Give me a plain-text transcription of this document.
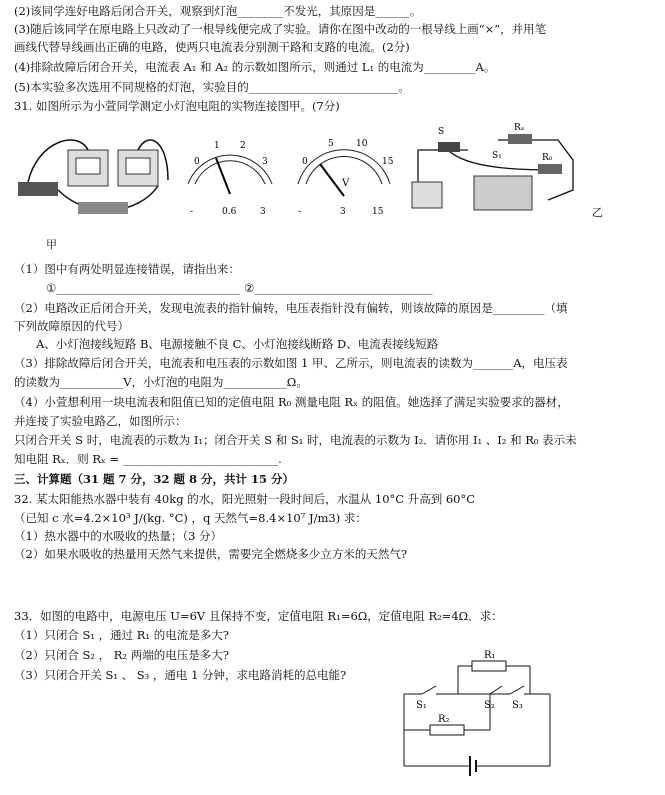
(2)该同学连好电路后闭合开关，观察到灯泡________不发光，其原因是______。
(3)随后该同学在原电路上只改动了一根导线便完成了实验。请你在图中改动的一根导线上画“×”，并用笔
画线代替导线画出正确的电路，使两只电流表分别测干路和支路的电流。(2分)
(4)排除故障后闭合开关，电流表 A₁ 和 A₂ 的示数如图所示，则通过 L₁ 的电流为_________A。
(5)本实验多次选用不同规格的灯泡，实验目的__________________________。
31. 如图所示为小萱同学测定小灯泡电阻的实物连接图甲。(7分)
甲
0
1 2
3
-	0.6	3
0
5 10
15
V
-	3	15
S	Rₓ
S₁	R₀
乙
（1）图中有两处明显连接错误，请指出来：
①________________________________ ②_______________________________
（2）电路改正后闭合开关，发现电流表的指针偏转，电压表指针没有偏转，则该故障的原因是_________（填
下列故障原因的代号）
A、小灯泡接线短路 B、电源接触不良 C、小灯泡接线断路 D、电流表接线短路
（3）排除故障后闭合开关，电流表和电压表的示数如图 1 甲、乙所示，则电流表的读数为_______A，电压表
的读数为___________V，小灯泡的电阻为___________Ω。
（4）小萱想利用一块电流表和阻值已知的定值电阻 R₀ 测量电阻 Rₓ 的阻值。她选择了满足实验要求的器材，
并连接了实验电路乙，如图所示：
只闭合开关 S 时，电流表的示数为 I₁；闭合开关 S 和 S₁ 时，电流表的示数为 I₂．请你用 I₁ 、I₂ 和 R₀ 表示未
知电阻 Rₓ．则 Rₓ = ___________________________.
三、计算题（31 题 7 分，32 题 8 分，共计 15 分）
32. 某太阳能热水器中装有 40kg 的水，阳光照射一段时间后，水温从 10°C 升高到 60°C
（已知 c 水=4.2×10³ J/(kg. °C) ，q 天然气=8.4×10⁷ J/m3) 求：
（1）热水器中的水吸收的热量；（3 分）
（2）如果水吸收的热量用天然气来提供，需要完全燃烧多少立方米的天然气?
33．如图的电路中，电源电压 U=6V 且保持不变，定值电阻 R₁=6Ω，定值电阻 R₂=4Ω．求：
（1）只闭合 S₁ ，通过 R₁ 的电流是多大?
（2）只闭合 S₂ ， R₂ 两端的电压是多大?
（3）只闭合开关 S₁ 、 S₃ ，通电 1 分钟，求电路消耗的总电能?
R₁
S₁	S₂ S₃
R₂
